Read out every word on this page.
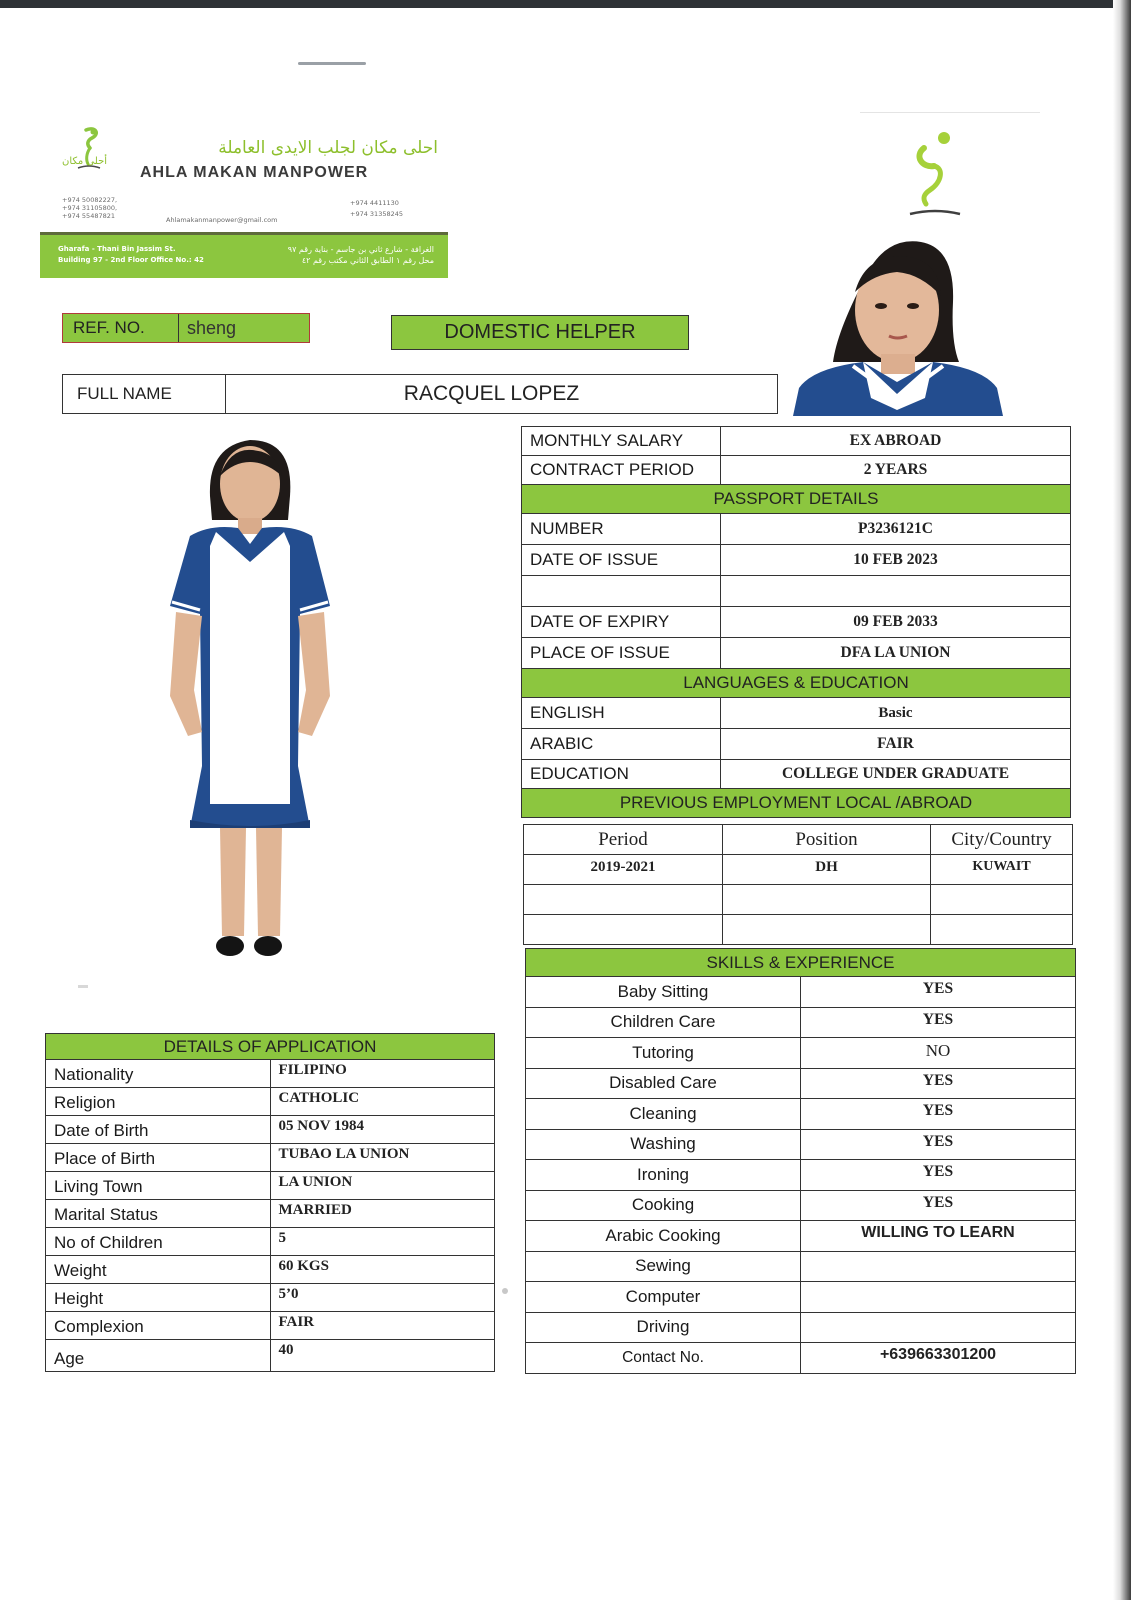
أحلى مكان
احلى مكان لجلب الايدى العاملة
AHLA MAKAN MANPOWER
+974 50082227,
+974 31105800,
+974 55487821	Ahlamakanmanpower@gmail.com
+974 4411130
+974 31358245
Gharafa - Thani Bin Jassim St.
Building 97 - 2nd Floor Office No.: 42
الغرافة - شارع ثاني بن جاسم - بناية رقم ٩٧
محل رقم ١ الطابق الثاني مكتب رقم ٤٢
REF. NO.	sheng	DOMESTIC HELPER
FULL NAME	RACQUEL LOPEZ
MONTHLY SALARY	EX ABROAD
CONTRACT PERIOD	2 YEARS
PASSPORT DETAILS	
NUMBER	P3236121C
DATE OF ISSUE	10 FEB 2023

DATE OF EXPIRY	09 FEB 2033
PLACE OF ISSUE	DFA LA UNION
LANGUAGES & EDUCATION	
ENGLISH	Basic
ARABIC	FAIR
EDUCATION	COLLEGE UNDER GRADUATE
PREVIOUS EMPLOYMENT LOCAL /ABROAD	
Period	Position	City/Country
2019-2021	DH	KUWAIT

SKILLS & EXPERIENCE	
Baby Sitting	YES
Children Care	YES
Tutoring	NO
Disabled Care	YES
Cleaning	YES
Washing	YES
Ironing	YES
Cooking	YES
Arabic Cooking	WILLING TO LEARN
Sewing	
Computer	
Driving	
Contact No.	+639663301200
DETAILS OF APPLICATION	
Nationality	FILIPINO
Religion	CATHOLIC
Date of Birth	05 NOV 1984
Place of Birth	TUBAO LA UNION
Living Town	LA UNION
Marital Status	MARRIED
No of Children	5
Weight	60 KGS
Height	5’0
Complexion	FAIR
Age	40
